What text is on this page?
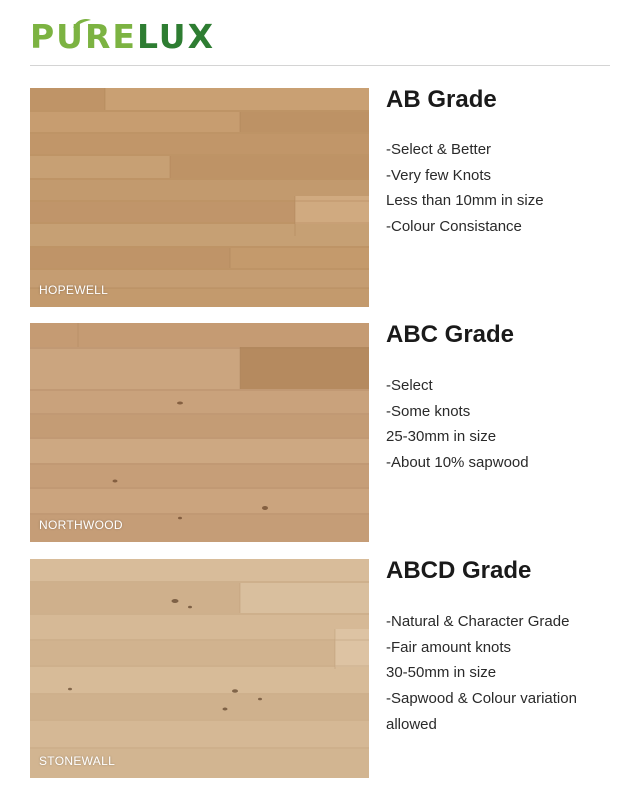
PURELUX
HOPEWELL
AB Grade
-Select & Better
-Very few Knots
Less than 10mm in size
-Colour Consistance
NORTHWOOD
ABC Grade
-Select
-Some knots
25-30mm in size
-About 10% sapwood
STONEWALL
ABCD Grade
-Natural & Character Grade
-Fair amount knots
30-50mm in size
-Sapwood & Colour variation
allowed
